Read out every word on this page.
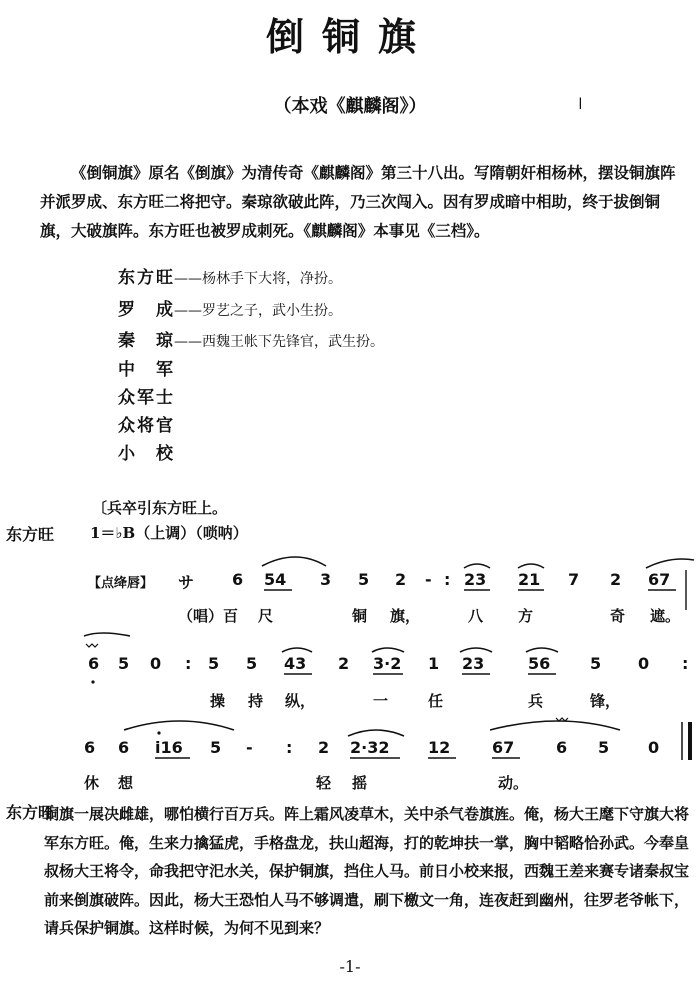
倒铜旗
（本戏《麒麟阁》）	ǀ
《倒铜旗》原名《倒旗》为清传奇《麒麟阁》第三十八出。写隋朝奸相杨林，摆设铜旗阵并派罗成、东方旺二将把守。秦琼欲破此阵，乃三次闯入。因有罗成暗中相助，终于拔倒铜旗，大破旗阵。东方旺也被罗成刺死。《麒麟阁》本事见《三档》。
东方旺——杨林手下大将，净扮。
罗　成——罗艺之子，武小生扮。
秦　琼——西魏王帐下先锋官，武生扮。
中　军
众军士
众将官
小　校
〔兵卒引东方旺上。
东方旺 1＝♭B（上调）（唢呐）
【点绛唇】 サ 6 54 3 5 2 - : 23 21 7 2 67
（唱）百 尺	铜 旗，	八 方	奇 遮。
6 5 0 : 5 5 43 2 3·2 1 23	56 5 0 :
操 持 纵，	一	任	兵	锋，
6 6 i16 5 - : 2 2·32 12	67	6 5 0
休 想	轻 摇	动。
东方旺
铜旗一展决雌雄，哪怕横行百万兵。阵上霜风凌草木，关中杀气卷旗旌。俺，杨大王麾下守旗大将军东方旺。俺，生来力擒猛虎，手格盘龙，扶山超海，打的乾坤扶一掌，胸中韬略恰孙武。今奉皇叔杨大王将令，命我把守汜水关，保护铜旗，挡住人马。前日小校来报，西魏王差来赛专诸秦叔宝前来倒旗破阵。因此，杨大王恐怕人马不够调遣，刷下檄文一角，连夜赶到幽州，往罗老爷帐下，请兵保护铜旗。这样时候，为何不见到来？
-1-
